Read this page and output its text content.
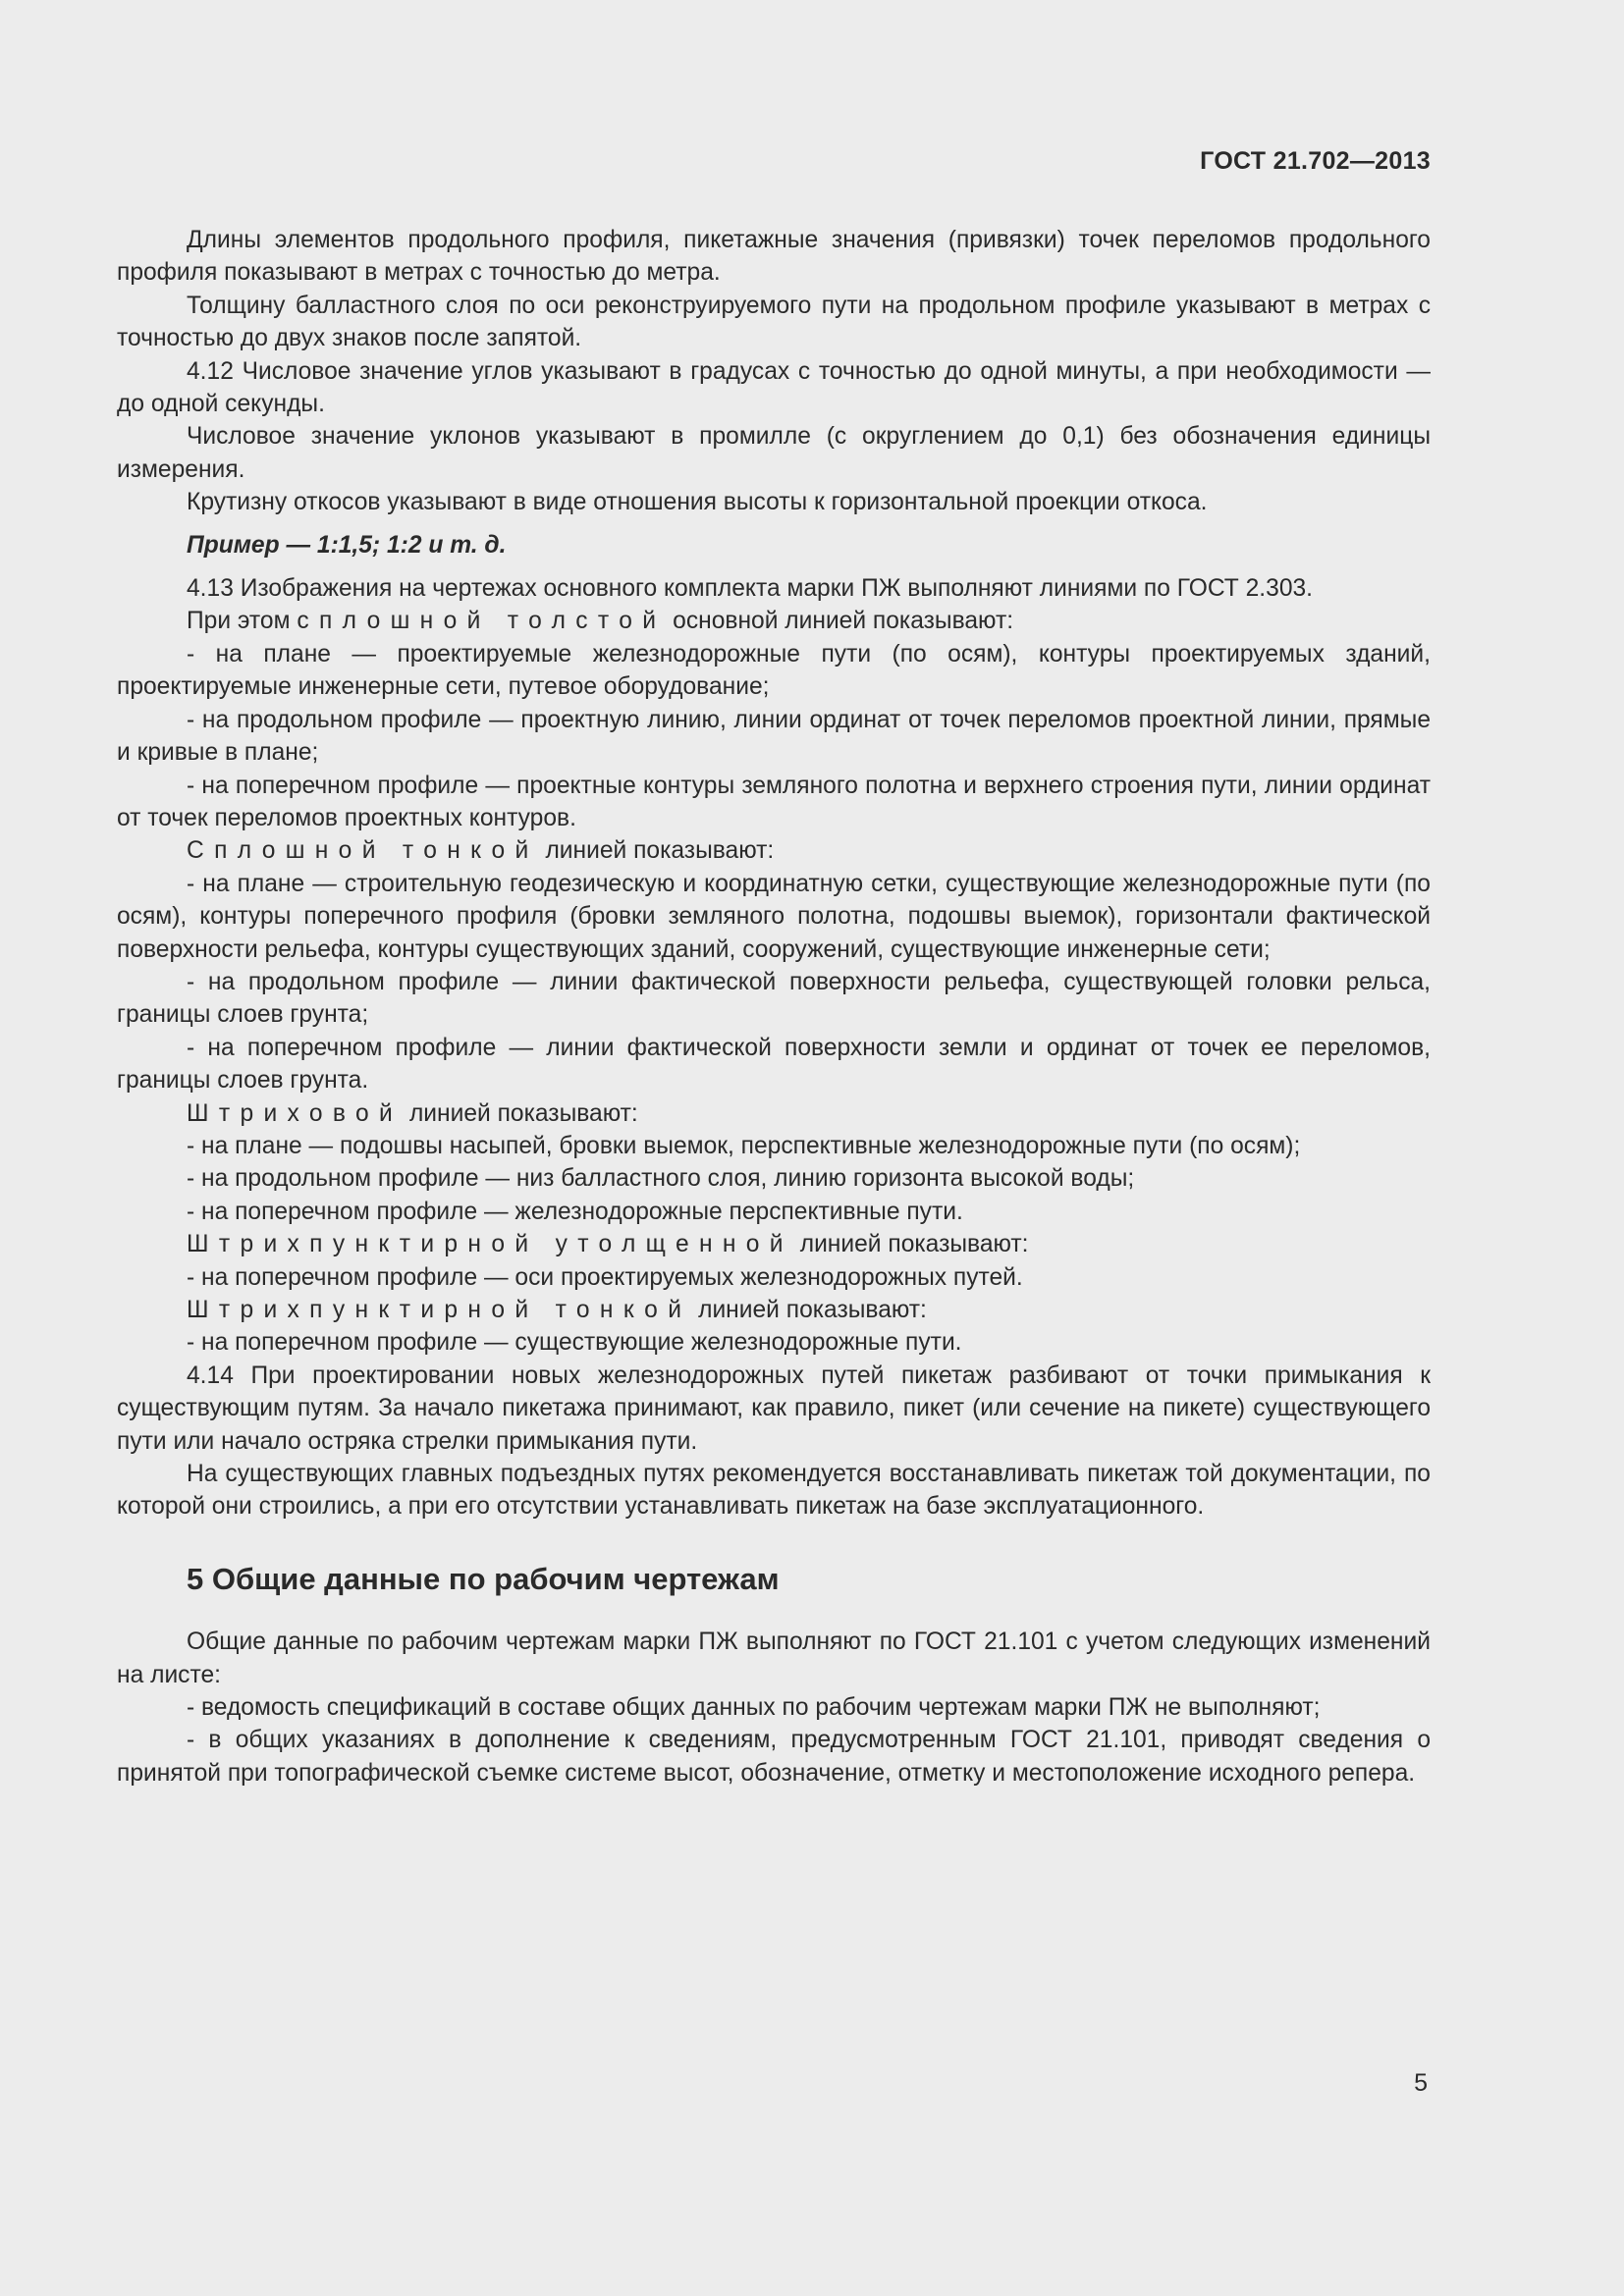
ГОСТ 21.702—2013

Длины элементов продольного профиля, пикетажные значения (привязки) точек переломов продольного профиля показывают в метрах с точностью до метра.

Толщину балластного слоя по оси реконструируемого пути на продольном профиле указывают в метрах с точностью до двух знаков после запятой.

4.12 Числовое значение углов указывают в градусах с точностью до одной минуты, а при необходимости — до одной секунды.

Числовое значение уклонов указывают в промилле (с округлением до 0,1) без обозначения единицы измерения.

Крутизну откосов указывают в виде отношения высоты к горизонтальной проекции откоса.

Пример — 1:1,5; 1:2 и т. д.

4.13 Изображения на чертежах основного комплекта марки ПЖ выполняют линиями по ГОСТ 2.303.

При этом сплошной толстой основной линией показывают:

- на плане — проектируемые железнодорожные пути (по осям), контуры проектируемых зданий, проектируемые инженерные сети, путевое оборудование;

- на продольном профиле — проектную линию, линии ординат от точек переломов проектной линии, прямые и кривые в плане;

- на поперечном профиле — проектные контуры земляного полотна и верхнего строения пути, линии ординат от точек переломов проектных контуров.

Сплошной тонкой линией показывают:

- на плане — строительную геодезическую и координатную сетки, существующие железнодорожные пути (по осям), контуры поперечного профиля (бровки земляного полотна, подошвы выемок), горизонтали фактической поверхности рельефа, контуры существующих зданий, сооружений, существующие инженерные сети;

- на продольном профиле — линии фактической поверхности рельефа, существующей головки рельса, границы слоев грунта;

- на поперечном профиле — линии фактической поверхности земли и ординат от точек ее переломов, границы слоев грунта.

Штриховой линией показывают:

- на плане — подошвы насыпей, бровки выемок, перспективные железнодорожные пути (по осям);

- на продольном профиле — низ балластного слоя, линию горизонта высокой воды;

- на поперечном профиле — железнодорожные перспективные пути.

Штрихпунктирной утолщенной линией показывают:

- на поперечном профиле — оси проектируемых железнодорожных путей.

Штрихпунктирной тонкой линией показывают:

- на поперечном профиле — существующие железнодорожные пути.

4.14 При проектировании новых железнодорожных путей пикетаж разбивают от точки примыкания к существующим путям. За начало пикетажа принимают, как правило, пикет (или сечение на пикете) существующего пути или начало остряка стрелки примыкания пути.

На существующих главных подъездных путях рекомендуется восстанавливать пикетаж той документации, по которой они строились, а при его отсутствии устанавливать пикетаж на базе эксплуатационного.

5 Общие данные по рабочим чертежам

Общие данные по рабочим чертежам марки ПЖ выполняют по ГОСТ 21.101 с учетом следующих изменений на листе:

- ведомость спецификаций в составе общих данных по рабочим чертежам марки ПЖ не выполняют;

- в общих указаниях в дополнение к сведениям, предусмотренным ГОСТ 21.101, приводят сведения о принятой при топографической съемке системе высот, обозначение, отметку и местоположение исходного репера.

5
